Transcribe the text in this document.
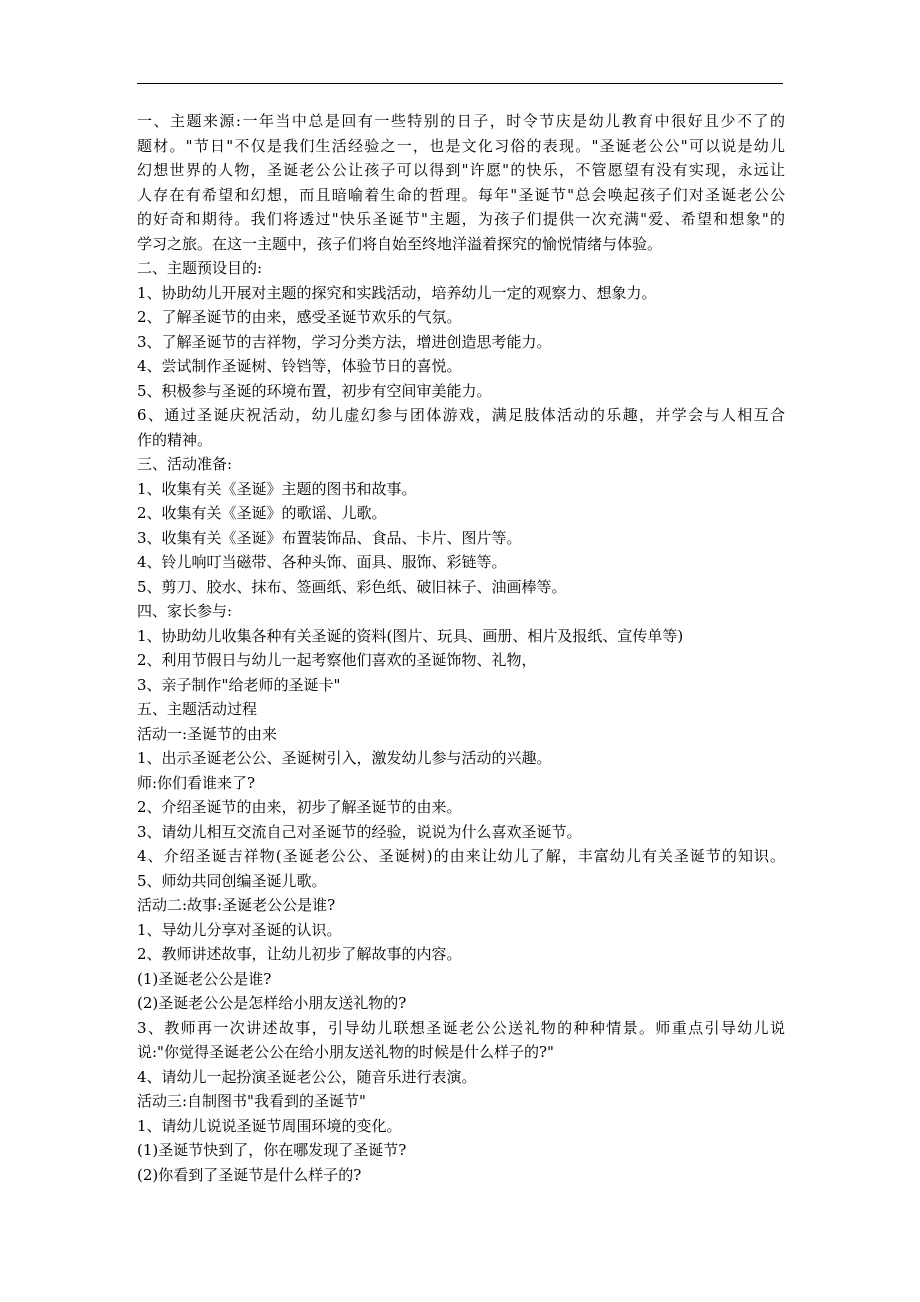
一、主题来源:一年当中总是回有一些特别的日子，时令节庆是幼儿教育中很好且少不了的
题材。"节日"不仅是我们生活经验之一，也是文化习俗的表现。"圣诞老公公"可以说是幼儿
幻想世界的人物，圣诞老公公让孩子可以得到"许愿"的快乐，不管愿望有没有实现，永远让
人存在有希望和幻想，而且暗喻着生命的哲理。每年"圣诞节"总会唤起孩子们对圣诞老公公
的好奇和期待。我们将透过"快乐圣诞节"主题，为孩子们提供一次充满"爱、希望和想象"的
学习之旅。在这一主题中，孩子们将自始至终地洋溢着探究的愉悦情绪与体验。
二、主题预设目的:
1、协助幼儿开展对主题的探究和实践活动，培养幼儿一定的观察力、想象力。
2、了解圣诞节的由来，感受圣诞节欢乐的气氛。
3、了解圣诞节的吉祥物，学习分类方法，增进创造思考能力。
4、尝试制作圣诞树、铃铛等，体验节日的喜悦。
5、积极参与圣诞的环境布置，初步有空间审美能力。
6、通过圣诞庆祝活动，幼儿虚幻参与团体游戏，满足肢体活动的乐趣，并学会与人相互合
作的精神。
三、活动准备:
1、收集有关《圣诞》主题的图书和故事。
2、收集有关《圣诞》的歌谣、儿歌。
3、收集有关《圣诞》布置装饰品、食品、卡片、图片等。
4、铃儿响叮当磁带、各种头饰、面具、服饰、彩链等。
5、剪刀、胶水、抹布、签画纸、彩色纸、破旧袜子、油画棒等。
四、家长参与:
1、协助幼儿收集各种有关圣诞的资料(图片、玩具、画册、相片及报纸、宣传单等)
2、利用节假日与幼儿一起考察他们喜欢的圣诞饰物、礼物，
3、亲子制作"给老师的圣诞卡"
五、主题活动过程
活动一:圣诞节的由来
1、出示圣诞老公公、圣诞树引入，激发幼儿参与活动的兴趣。
师:你们看谁来了?
2、介绍圣诞节的由来，初步了解圣诞节的由来。
3、请幼儿相互交流自己对圣诞节的经验，说说为什么喜欢圣诞节。
4、介绍圣诞吉祥物(圣诞老公公、圣诞树)的由来让幼儿了解，丰富幼儿有关圣诞节的知识。
5、师幼共同创编圣诞儿歌。
活动二:故事:圣诞老公公是谁?
1、导幼儿分享对圣诞的认识。
2、教师讲述故事，让幼儿初步了解故事的内容。
(1)圣诞老公公是谁?
(2)圣诞老公公是怎样给小朋友送礼物的?
3、教师再一次讲述故事，引导幼儿联想圣诞老公公送礼物的种种情景。师重点引导幼儿说
说:"你觉得圣诞老公公在给小朋友送礼物的时候是什么样子的?"
4、请幼儿一起扮演圣诞老公公，随音乐进行表演。
活动三:自制图书"我看到的圣诞节"
1、请幼儿说说圣诞节周围环境的变化。
(1)圣诞节快到了，你在哪发现了圣诞节?
(2)你看到了圣诞节是什么样子的?
